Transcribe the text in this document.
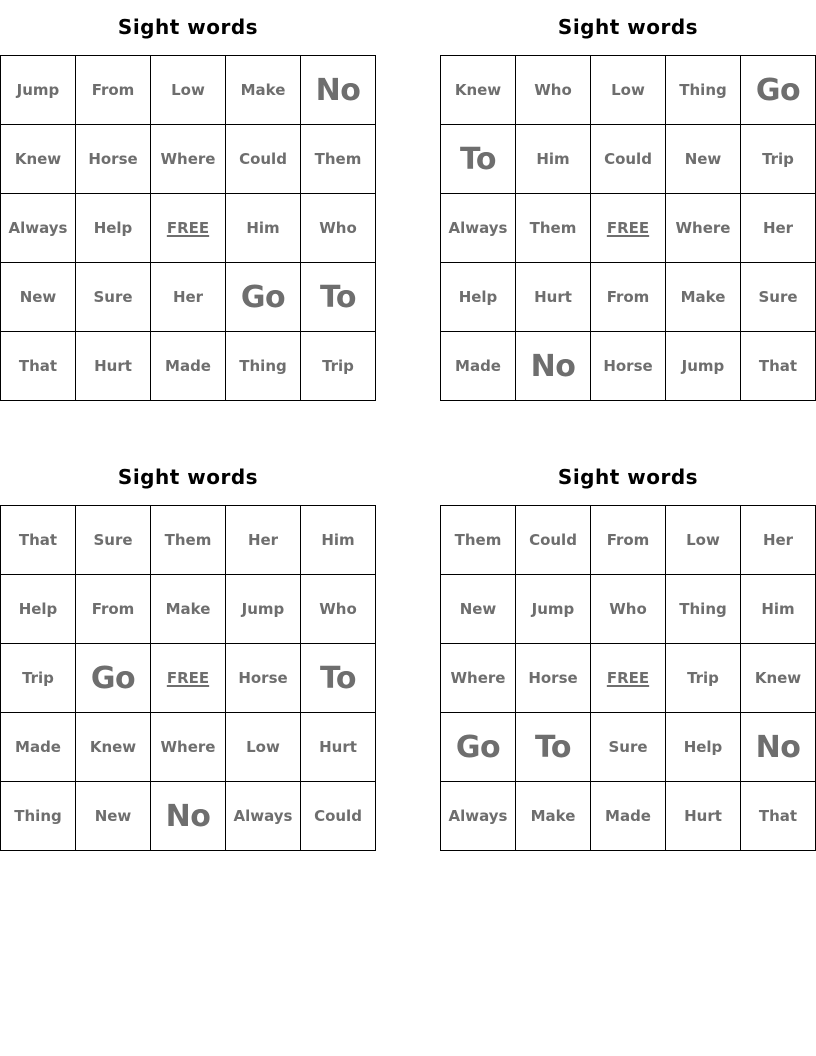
Sight words
Jump	From	Low	Make	No
Knew	Horse	Where	Could	Them
Always	Help	FREE	Him	Who
New	Sure	Her	Go	To
That	Hurt	Made	Thing	Trip
Sight words
Knew	Who	Low	Thing	Go
To	Him	Could	New	Trip
Always	Them	FREE	Where	Her
Help	Hurt	From	Make	Sure
Made	No	Horse	Jump	That
Sight words
That	Sure	Them	Her	Him
Help	From	Make	Jump	Who
Trip	Go	FREE	Horse	To
Made	Knew	Where	Low	Hurt
Thing	New	No	Always	Could
Sight words
Them	Could	From	Low	Her
New	Jump	Who	Thing	Him
Where	Horse	FREE	Trip	Knew
Go	To	Sure	Help	No
Always	Make	Made	Hurt	That
